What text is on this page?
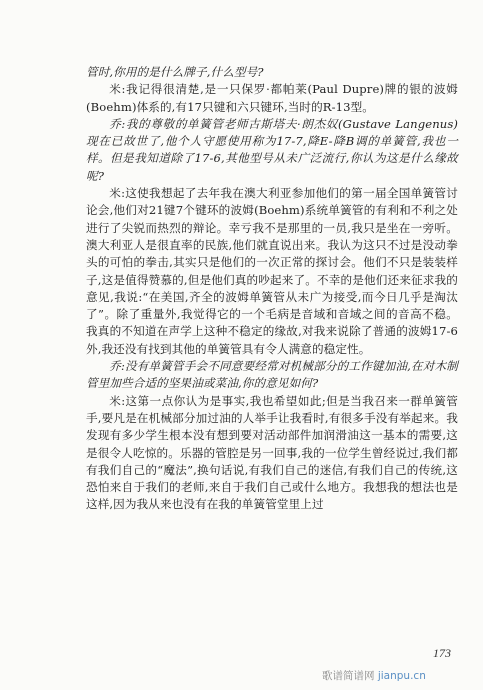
管时,你用的是什么牌子,什么型号?

米:我记得很清楚,是一只保罗·都帕莱(Paul Dupre)牌的银的波姆(Boehm)体系的,有17只键和六只键环,当时的R-13型。

乔:我的尊敬的单簧管老师古斯塔夫·朗杰奴(Gustave Langenus)现在已故世了,他个人守愿使用称为17-7,降E-降B调的单簧管,我也一样。但是我知道除了17-6,其他型号从未广泛流行,你认为这是什么缘故呢?

米:这使我想起了去年我在澳大利亚参加他们的第一届全国单簧管讨论会,他们对21键7个键环的波姆(Boehm)系统单簧管的有利和不利之处进行了尖锐而热烈的辩论。幸亏我不是那里的一员,我只是坐在一旁听。澳大利亚人是很直率的民族,他们就直说出来。我认为这只不过是没动拳头的可怕的拳击,其实只是他们的一次正常的探讨会。他们不只是装装样子,这是值得赞慕的,但是他们真的吵起来了。不幸的是他们还来征求我的意见,我说:“在美国,齐全的波姆单簧管从未广为接受,而今日几乎是淘汰了”。除了重量外,我觉得它的一个毛病是音域和音域之间的音高不稳。我真的不知道在声学上这种不稳定的缘故,对我来说除了普通的波姆17-6外,我还没有找到其他的单簧管具有令人满意的稳定性。

乔:没有单簧管手会不同意要经常对机械部分的工作键加油,在对木制管里加些合适的坚果油或菜油,你的意见如何?

米:这第一点你认为是事实,我也希望如此;但是当我召来一群单簧管手,要凡是在机械部分加过油的人举手让我看时,有很多手没有举起来。我发现有多少学生根本没有想到要对活动部件加润滑油这一基本的需要,这是很令人吃惊的。乐器的管腔是另一回事,我的一位学生曾经说过,我们都有我们自己的“魔法”,换句话说,有我们自己的迷信,有我们自己的传统,这恐怕来自于我们的老师,来自于我们自己或什么地方。我想我的想法也是这样,因为我从来也没有在我的单簧管堂里上过

173
歌谱简谱网 jianpu.cn
